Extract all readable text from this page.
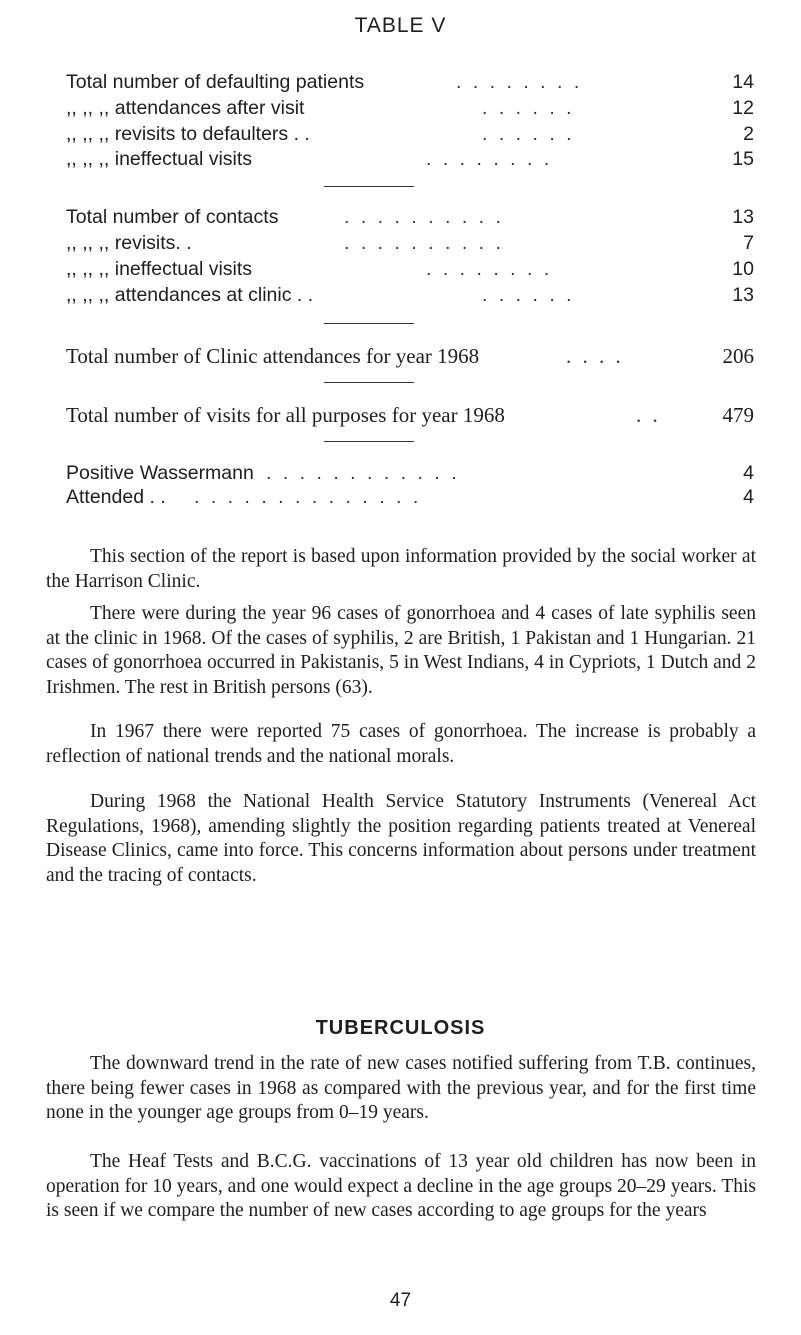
TABLE V
Total number of defaulting patients	. . . . . . . .	14
,, ,, ,, attendances after visit	. . . . . .	12
,, ,, ,, revisits to defaulters . .	. . . . . .	2
,, ,, ,, ineffectual visits	. . . . . . . .	15
Total number of contacts	. . . . . . . . . .	13
,, ,, ,, revisits. .	. . . . . . . . . .	7
,, ,, ,, ineffectual visits	. . . . . . . .	10
,, ,, ,, attendances at clinic . .	. . . . . .	13
Total number of Clinic attendances for year 1968	. . . .	206
Total number of visits for all purposes for year 1968	. .	479
Positive Wassermann . . . . . . . . . . . .	4
Attended . . . . . . . . . . . . . . . .	4

This section of the report is based upon information provided by the social worker at the Harrison Clinic.

There were during the year 96 cases of gonorrhoea and 4 cases of late syphilis seen at the clinic in 1968. Of the cases of syphilis, 2 are British, 1 Pakistan and 1 Hungarian. 21 cases of gonorrhoea occurred in Pakistanis, 5 in West Indians, 4 in Cypriots, 1 Dutch and 2 Irishmen. The rest in British persons (63).

In 1967 there were reported 75 cases of gonorrhoea. The increase is probably a reflection of national trends and the national morals.

During 1968 the National Health Service Statutory Instruments (Venereal Act Regulations, 1968), amending slightly the position regarding patients treated at Venereal Disease Clinics, came into force. This concerns information about persons under treatment and the tracing of contacts.

TUBERCULOSIS

The downward trend in the rate of new cases notified suffering from T.B. continues, there being fewer cases in 1968 as compared with the previous year, and for the first time none in the younger age groups from 0–19 years.

The Heaf Tests and B.C.G. vaccinations of 13 year old children has now been in operation for 10 years, and one would expect a decline in the age groups 20–29 years. This is seen if we compare the number of new cases according to age groups for the years

47
